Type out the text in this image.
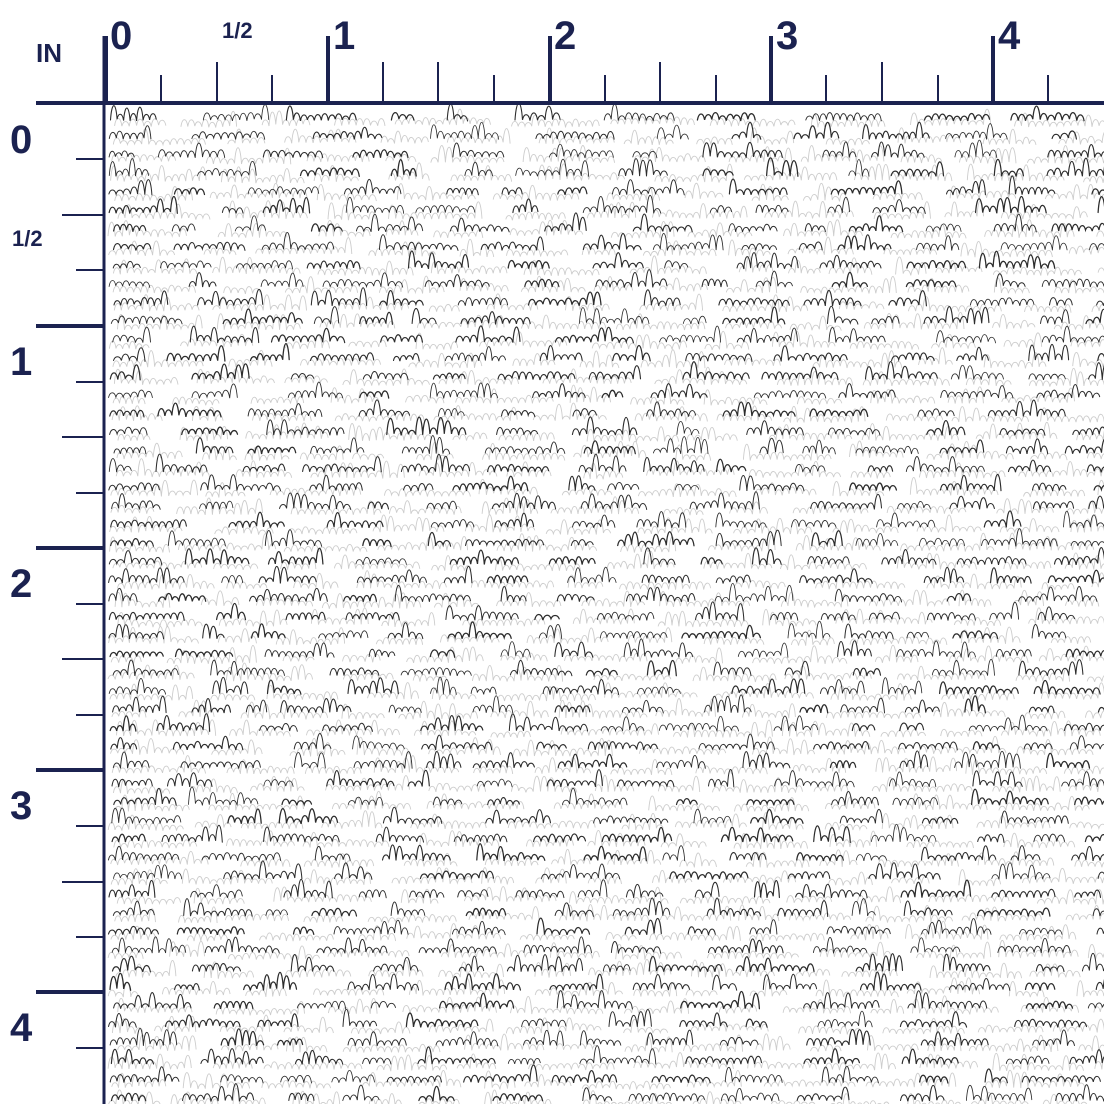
IN 0	1/2 1	2	3	4
0
1/2
1
2
3
4
